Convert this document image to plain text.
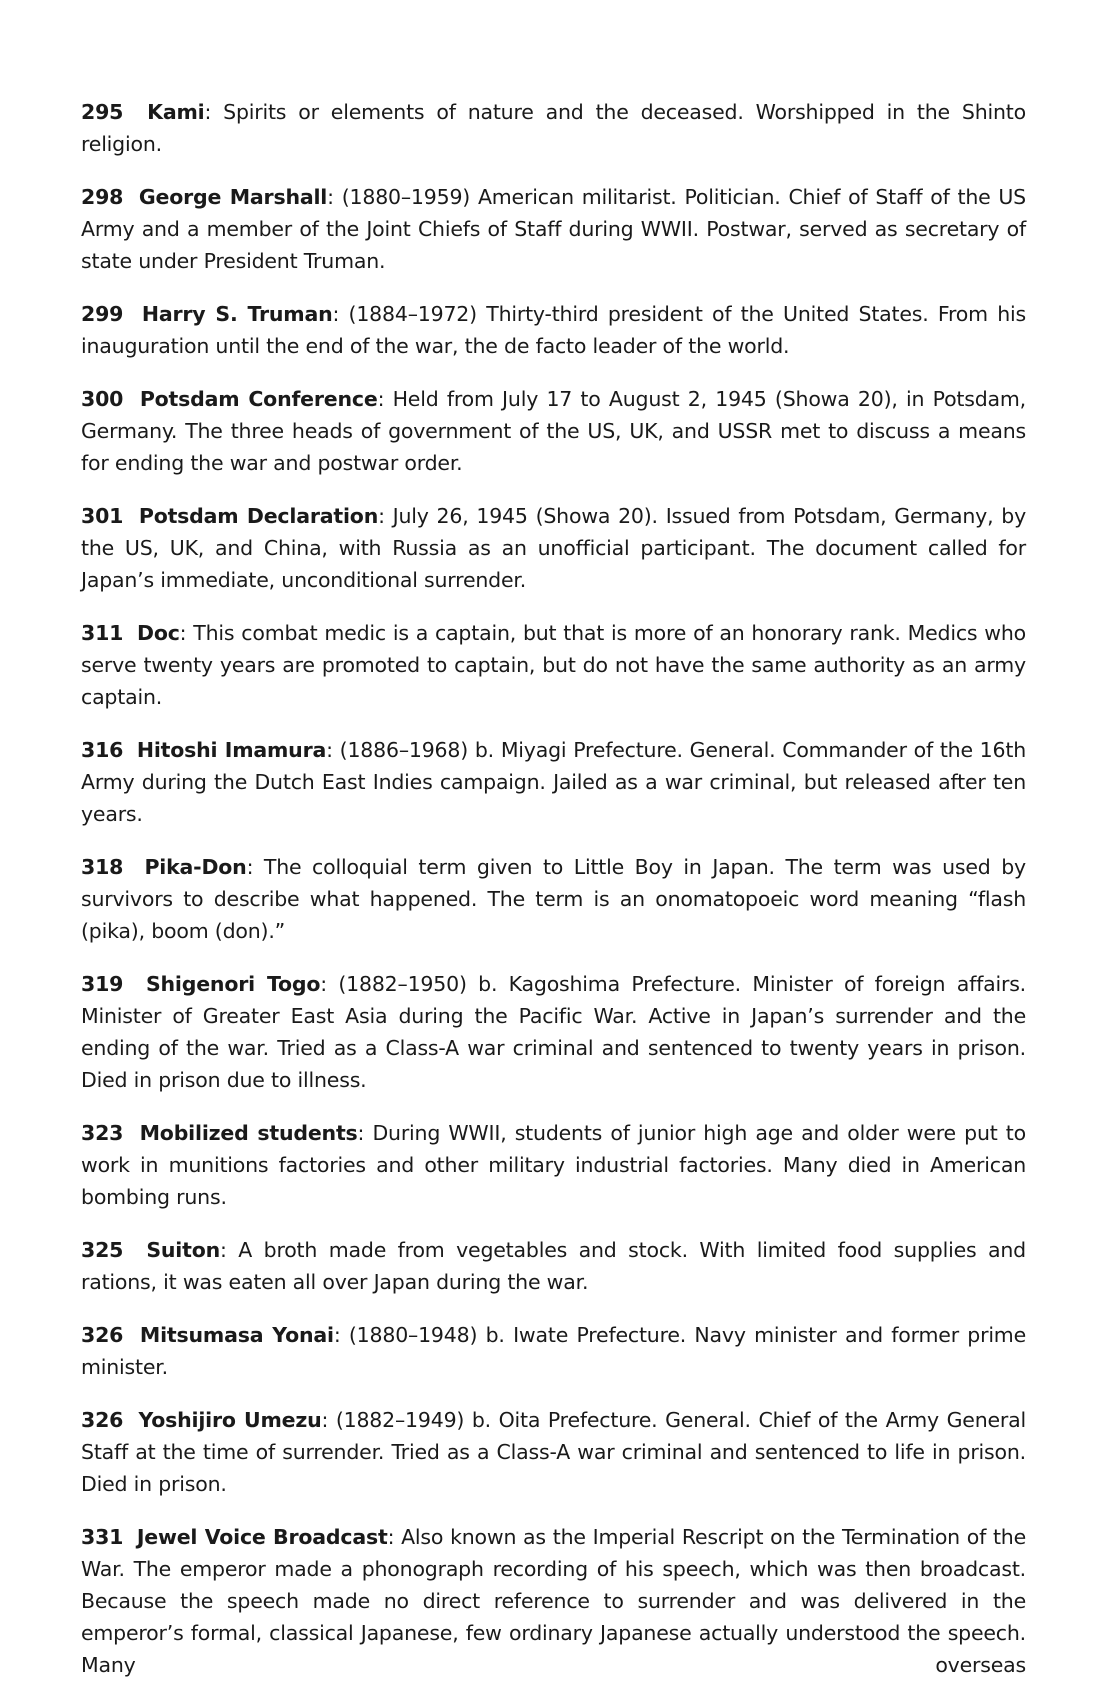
295 Kami: Spirits or elements of nature and the deceased. Worshipped in the Shinto religion.

298 George Marshall: (1880–1959) American militarist. Politician. Chief of Staff of the US Army and a member of the Joint Chiefs of Staff during WWII. Postwar, served as secretary of state under President Truman.

299 Harry S. Truman: (1884–1972) Thirty-third president of the United States. From his inauguration until the end of the war, the de facto leader of the world.

300 Potsdam Conference: Held from July 17 to August 2, 1945 (Showa 20), in Potsdam, Germany. The three heads of government of the US, UK, and USSR met to discuss a means for ending the war and postwar order.

301 Potsdam Declaration: July 26, 1945 (Showa 20). Issued from Potsdam, Germany, by the US, UK, and China, with Russia as an unofficial participant. The document called for Japan’s immediate, unconditional surrender.

311 Doc: This combat medic is a captain, but that is more of an honorary rank. Medics who serve twenty years are promoted to captain, but do not have the same authority as an army captain.

316 Hitoshi Imamura: (1886–1968) b. Miyagi Prefecture. General. Commander of the 16th Army during the Dutch East Indies campaign. Jailed as a war criminal, but released after ten years.

318 Pika-Don: The colloquial term given to Little Boy in Japan. The term was used by survivors to describe what happened. The term is an onomatopoeic word meaning “flash (pika), boom (don).”

319 Shigenori Togo: (1882–1950) b. Kagoshima Prefecture. Minister of foreign affairs. Minister of Greater East Asia during the Pacific War. Active in Japan’s surrender and the ending of the war. Tried as a Class-A war criminal and sentenced to twenty years in prison. Died in prison due to illness.

323 Mobilized students: During WWII, students of junior high age and older were put to work in munitions factories and other military industrial factories. Many died in American bombing runs.

325 Suiton: A broth made from vegetables and stock. With limited food supplies and rations, it was eaten all over Japan during the war.

326 Mitsumasa Yonai: (1880–1948) b. Iwate Prefecture. Navy minister and former prime minister.

326 Yoshijiro Umezu: (1882–1949) b. Oita Prefecture. General. Chief of the Army General Staff at the time of surrender. Tried as a Class-A war criminal and sentenced to life in prison. Died in prison.

331 Jewel Voice Broadcast: Also known as the Imperial Rescript on the Termination of the War. The emperor made a phonograph recording of his speech, which was then broadcast. Because the speech made no direct reference to surrender and was delivered in the emperor’s formal, classical Japanese, few ordinary Japanese actually understood the speech. Many overseas
